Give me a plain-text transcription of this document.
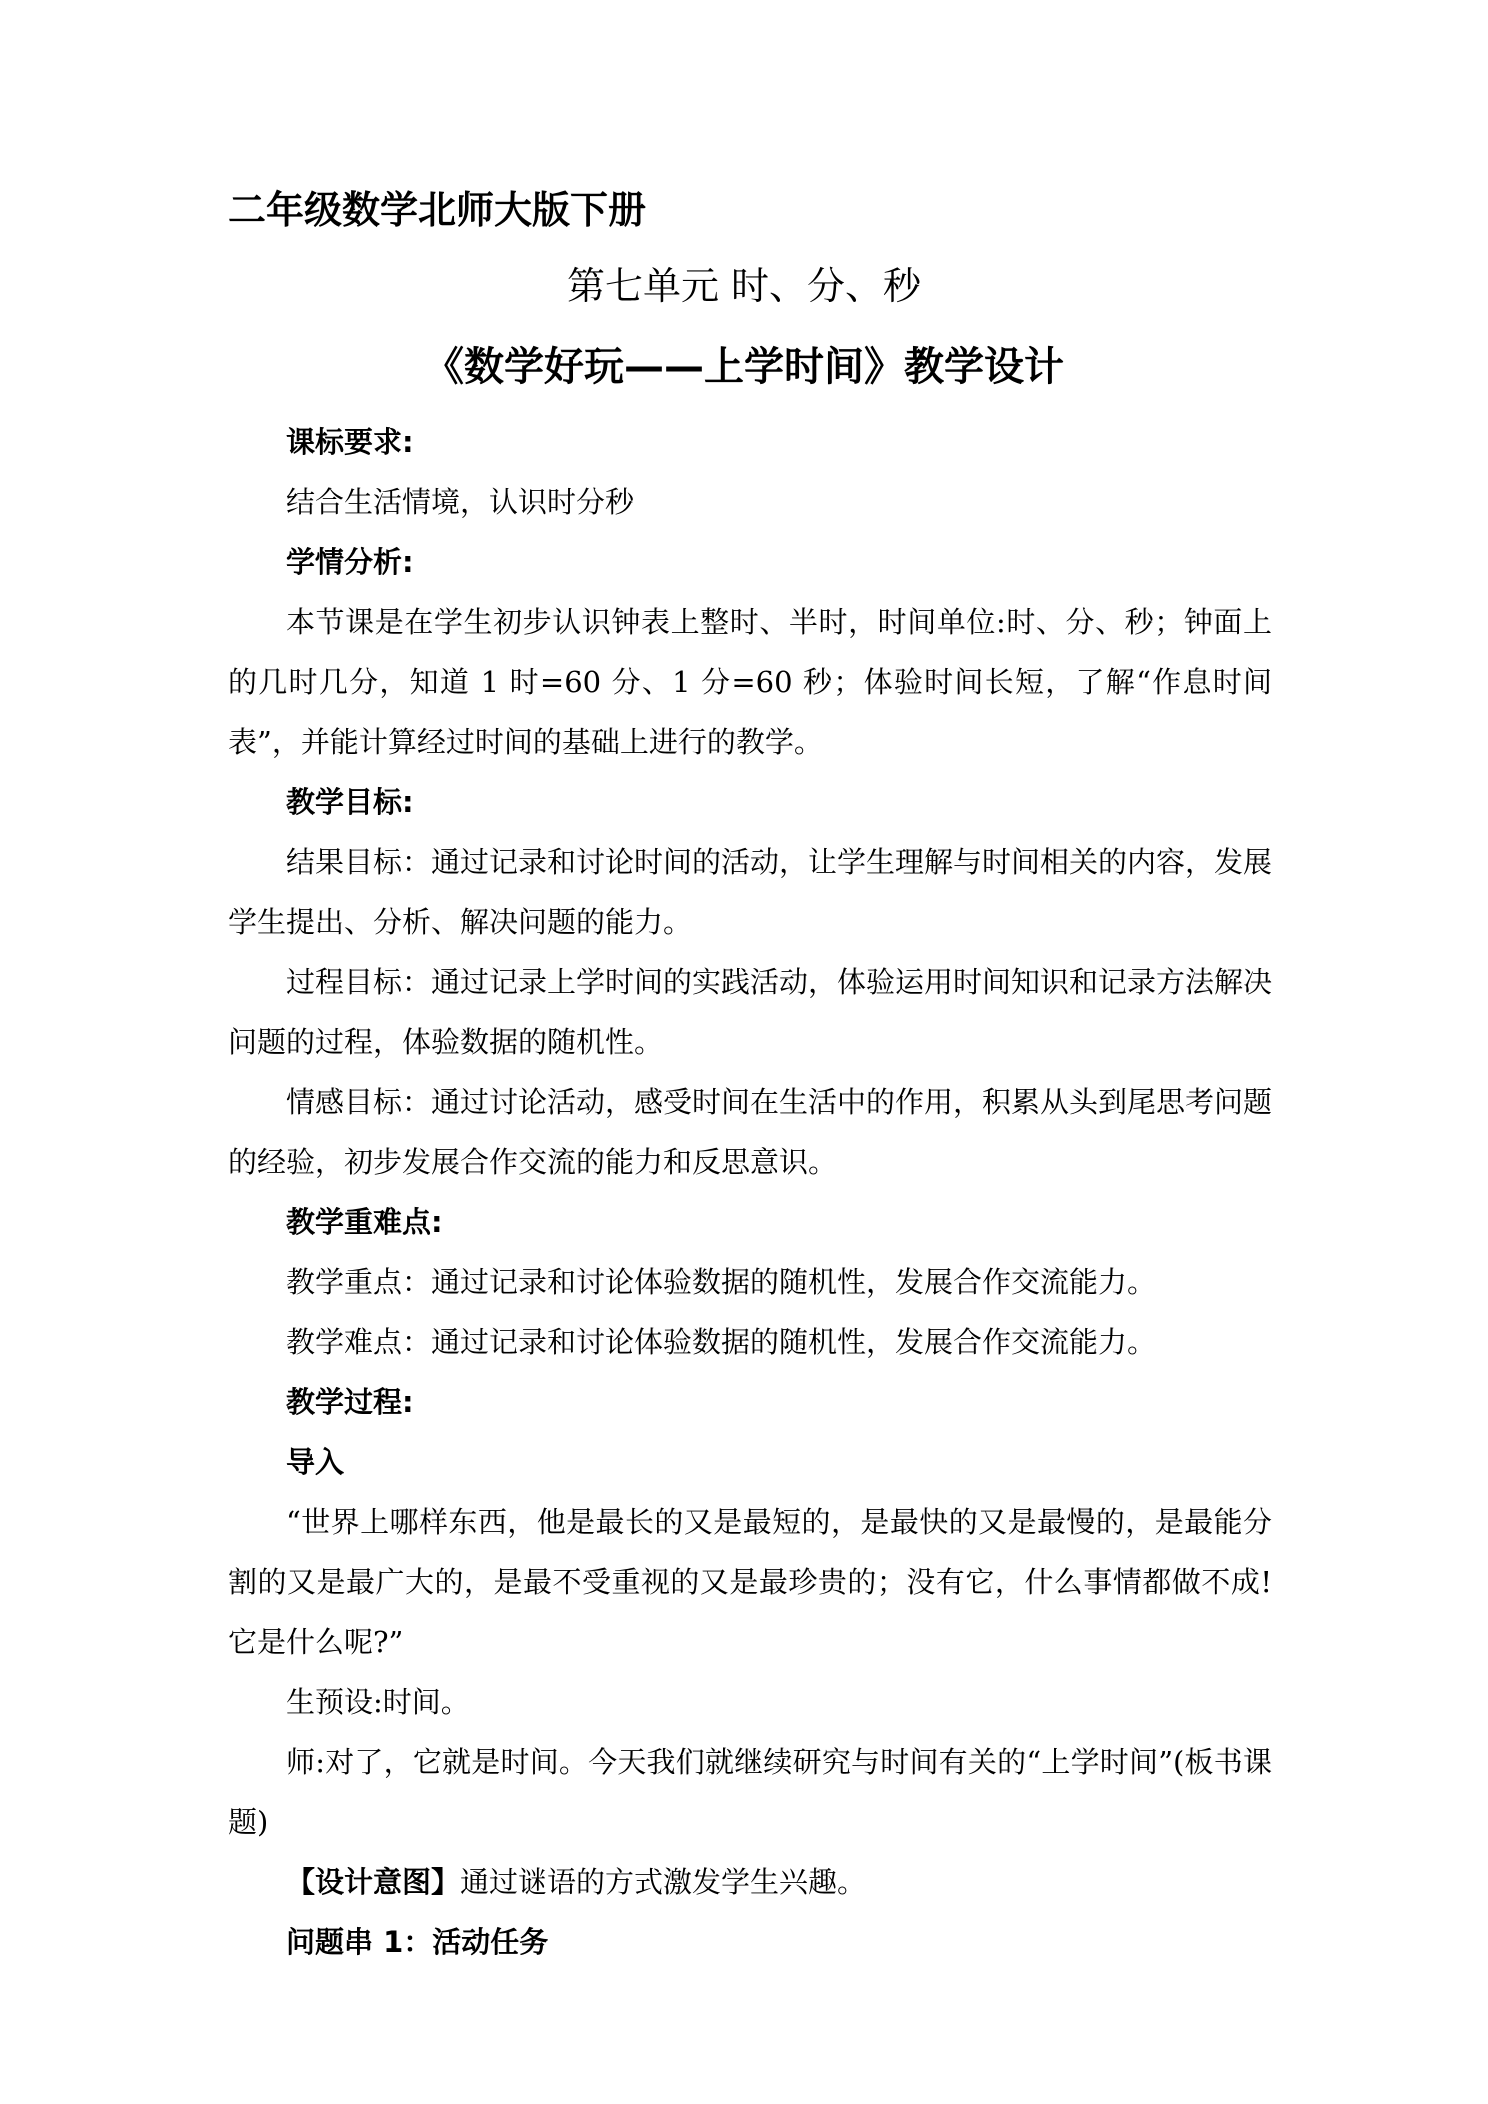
二年级数学北师大版下册
第七单元 时、分、秒
《数学好玩——上学时间》教学设计

课标要求:

结合生活情境，认识时分秒

学情分析:

本节课是在学生初步认识钟表上整时、半时，时间单位:时、分、秒；钟面上的几时几分，知道 1 时=60 分、1 分=60 秒；体验时间长短，了解“作息时间表”，并能计算经过时间的基础上进行的教学。

教学目标:

结果目标：通过记录和讨论时间的活动，让学生理解与时间相关的内容，发展学生提出、分析、解决问题的能力。

过程目标：通过记录上学时间的实践活动，体验运用时间知识和记录方法解决问题的过程，体验数据的随机性。

情感目标：通过讨论活动，感受时间在生活中的作用，积累从头到尾思考问题的经验，初步发展合作交流的能力和反思意识。

教学重难点:

教学重点：通过记录和讨论体验数据的随机性，发展合作交流能力。

教学难点：通过记录和讨论体验数据的随机性，发展合作交流能力。

教学过程:

导入

“世界上哪样东西，他是最长的又是最短的，是最快的又是最慢的，是最能分割的又是最广大的，是最不受重视的又是最珍贵的；没有它，什么事情都做不成!它是什么呢?”

生预设:时间。

师:对了，它就是时间。今天我们就继续研究与时间有关的“上学时间”(板书课题)

【设计意图】通过谜语的方式激发学生兴趣。

问题串 1：活动任务
